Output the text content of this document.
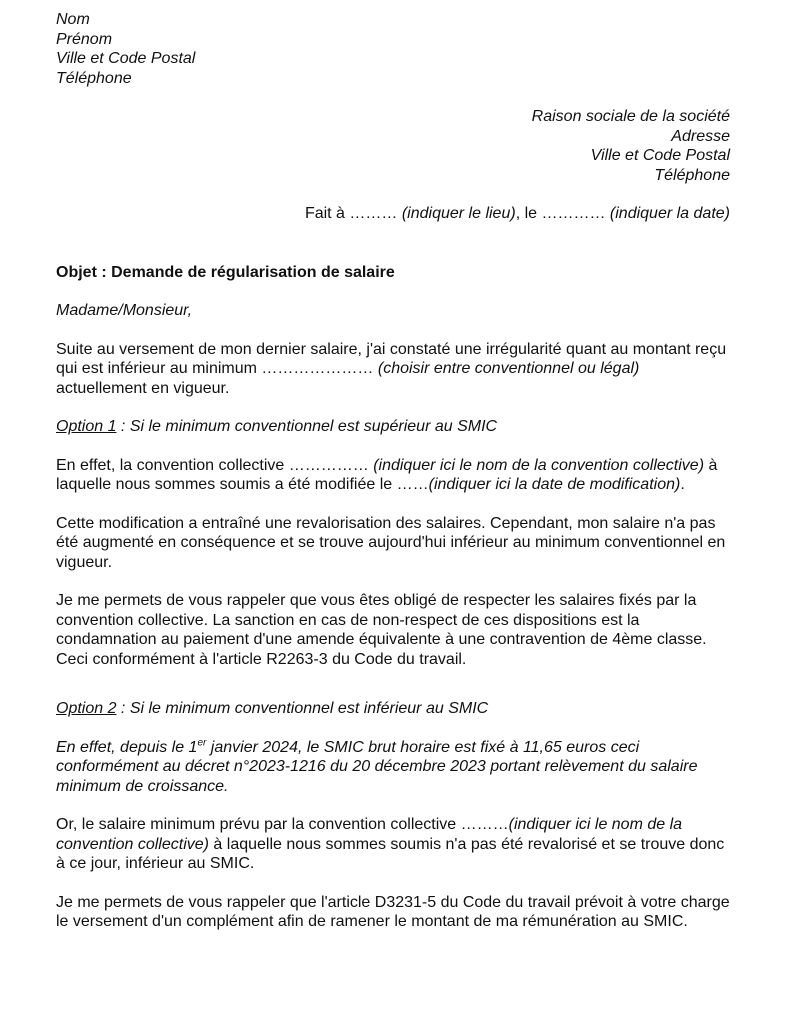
Nom
Prénom
Ville et Code Postal
Téléphone
Raison sociale de la société
Adresse
Ville et Code Postal
Téléphone
Fait à ……… (indiquer le lieu), le ………… (indiquer la date)
Objet : Demande de régularisation de salaire

Madame/Monsieur,

Suite au versement de mon dernier salaire, j'ai constaté une irrégularité quant au montant reçu qui est inférieur au minimum ………………… (choisir entre conventionnel ou légal) actuellement en vigueur.

Option 1 : Si le minimum conventionnel est supérieur au SMIC

En effet, la convention collective …………… (indiquer ici le nom de la convention collective) à laquelle nous sommes soumis a été modifiée le ……(indiquer ici la date de modification).

Cette modification a entraîné une revalorisation des salaires. Cependant, mon salaire n'a pas été augmenté en conséquence et se trouve aujourd'hui inférieur au minimum conventionnel en vigueur.

Je me permets de vous rappeler que vous êtes obligé de respecter les salaires fixés par la convention collective. La sanction en cas de non-respect de ces dispositions est la condamnation au paiement d'une amende équivalente à une contravention de 4ème classe. Ceci conformément à l'article R2263-3 du Code du travail.

Option 2 : Si le minimum conventionnel est inférieur au SMIC

En effet, depuis le 1er janvier 2024, le SMIC brut horaire est fixé à 11,65 euros ceci conformément au décret n°2023-1216 du 20 décembre 2023 portant relèvement du salaire minimum de croissance.

Or, le salaire minimum prévu par la convention collective ………(indiquer ici le nom de la convention collective) à laquelle nous sommes soumis n'a pas été revalorisé et se trouve donc à ce jour, inférieur au SMIC.

Je me permets de vous rappeler que l'article D3231-5 du Code du travail prévoit à votre charge le versement d'un complément afin de ramener le montant de ma rémunération au SMIC.
